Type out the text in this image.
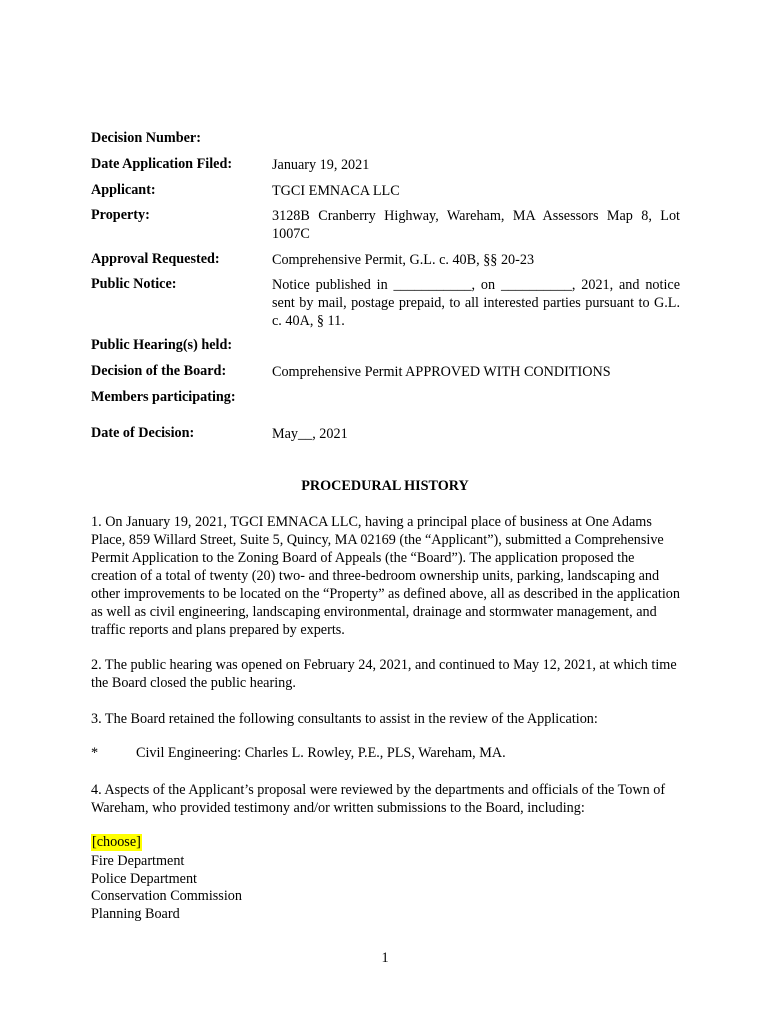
Decision Number:
Date Application Filed:	January 19, 2021
Applicant:	TGCI EMNACA LLC
Property:	3128B Cranberry Highway, Wareham, MA Assessors Map 8, Lot 1007C
Approval Requested:	Comprehensive Permit, G.L. c. 40B, §§ 20-23
Public Notice:	Notice published in ___________, on __________, 2021, and notice sent by mail, postage prepaid, to all interested parties pursuant to G.L. c. 40A, § 11.
Public Hearing(s) held:
Decision of the Board:	Comprehensive Permit APPROVED WITH CONDITIONS
Members participating:
Date of Decision:	May__, 2021
PROCEDURAL HISTORY
1. On January 19, 2021, TGCI EMNACA LLC, having a principal place of business at One Adams Place, 859 Willard Street, Suite 5, Quincy, MA 02169 (the “Applicant”), submitted a Comprehensive Permit Application to the Zoning Board of Appeals (the “Board”). The application proposed the creation of a total of twenty (20) two- and three-bedroom ownership units, parking, landscaping and other improvements to be located on the “Property” as defined above, all as described in the application as well as civil engineering, landscaping environmental, drainage and stormwater management, and traffic reports and plans prepared by experts.
2. The public hearing was opened on February 24, 2021, and continued to May 12, 2021, at which time the Board closed the public hearing.
3. The Board retained the following consultants to assist in the review of the Application:
*	Civil Engineering: Charles L. Rowley, P.E., PLS, Wareham, MA.
4. Aspects of the Applicant’s proposal were reviewed by the departments and officials of the Town of Wareham, who provided testimony and/or written submissions to the Board, including:
[choose]
Fire Department
Police Department
Conservation Commission
Planning Board
1
